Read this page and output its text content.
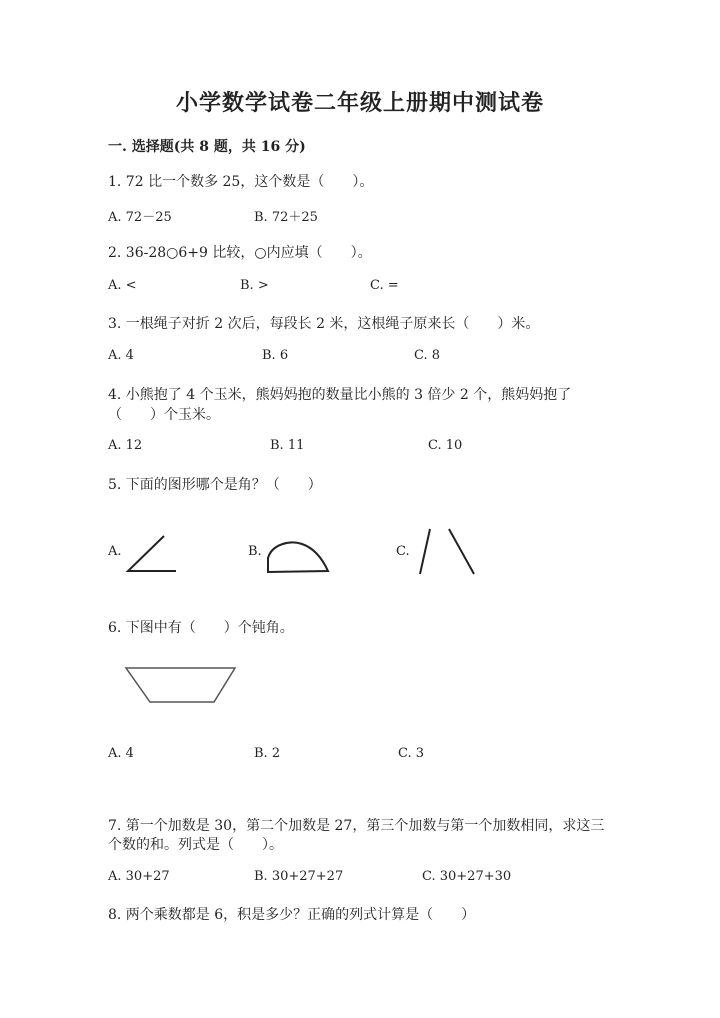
小学数学试卷二年级上册期中测试卷
一. 选择题(共 8 题，共 16 分)
1. 72 比一个数多 25，这个数是（　　）。
A. 72－25	B. 72＋25
2. 36-28○6+9 比较，○内应填（　　）。
A. <	B. >	C. =
3. 一根绳子对折 2 次后，每段长 2 米，这根绳子原来长（　　）米。
A. 4	B. 6	C. 8
4. 小熊抱了 4 个玉米，熊妈妈抱的数量比小熊的 3 倍少 2 个，熊妈妈抱了
（　　）个玉米。
A. 12	B. 11	C. 10
5. 下面的图形哪个是角？（　　）
A.	B.	C.
6. 下图中有（　　）个钝角。
A. 4	B. 2	C. 3
7. 第一个加数是 30，第二个加数是 27，第三个加数与第一个加数相同，求这三
个数的和。列式是（　　）。
A. 30+27	B. 30+27+27	C. 30+27+30
8. 两个乘数都是 6，积是多少？正确的列式计算是（　　）
